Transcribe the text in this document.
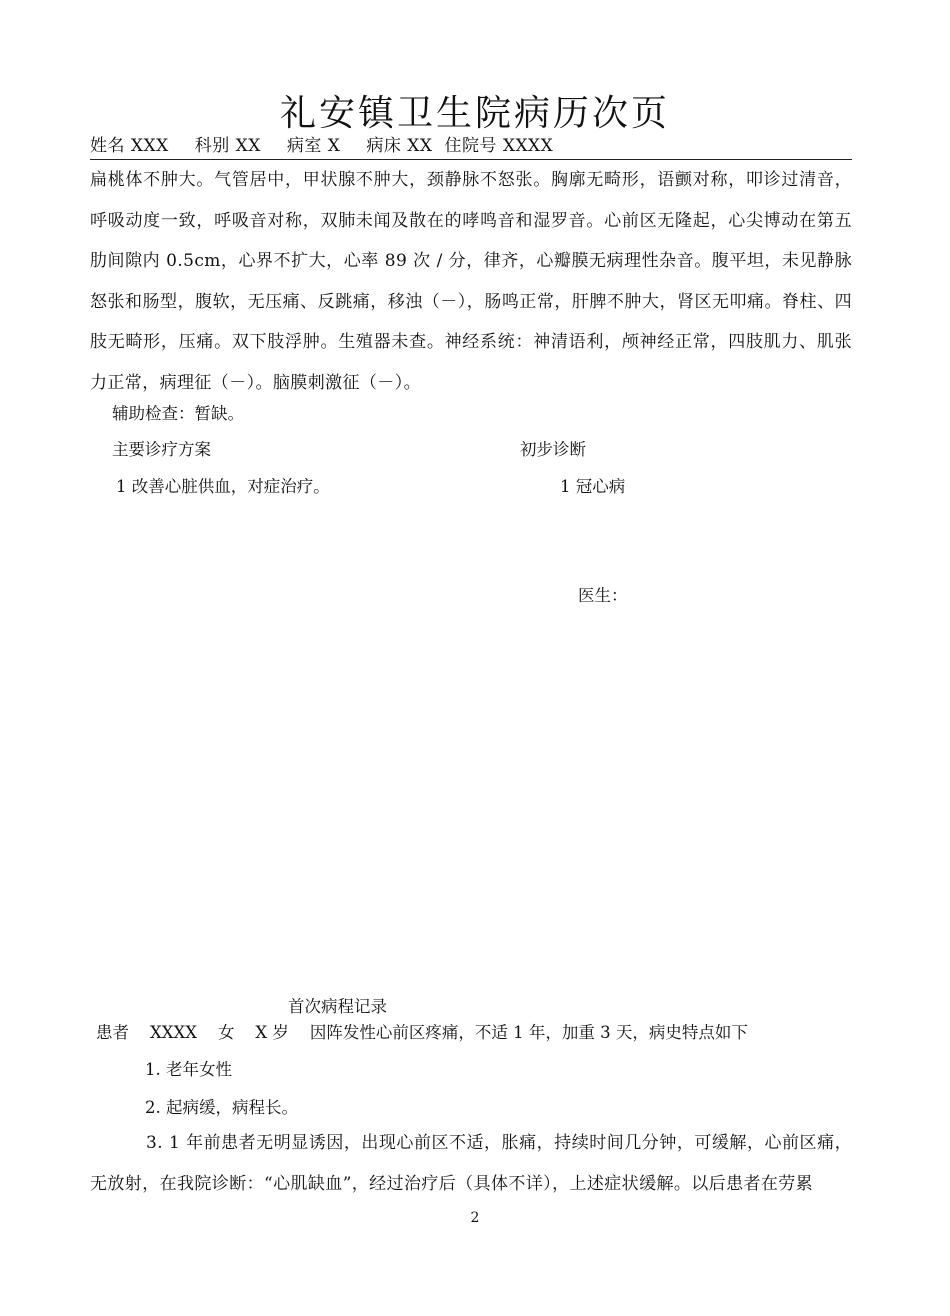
礼安镇卫生院病历次页
姓名 XXX 科别 XX 病室 X 病床 XX 住院号 XXXX
扁桃体不肿大。气管居中，甲状腺不肿大，颈静脉不怒张。胸廓无畸形，语颤对称，叩诊过清音，呼吸动度一致，呼吸音对称，双肺未闻及散在的哮鸣音和湿罗音。心前区无隆起，心尖博动在第五肋间隙内 0.5cm，心界不扩大，心率 89 次 / 分，律齐，心瓣膜无病理性杂音。腹平坦，未见静脉怒张和肠型，腹软，无压痛、反跳痛，移浊（－），肠鸣正常，肝脾不肿大，肾区无叩痛。脊柱、四肢无畸形，压痛。双下肢浮肿。生殖器未查。神经系统：神清语利，颅神经正常，四肢肌力、肌张力正常，病理征（－）。脑膜刺激征（－）。
辅助检查：暂缺。
主要诊疗方案	初步诊断
1 改善心脏供血，对症治疗。	1 冠心病
医生：
首次病程记录
患者    XXXX    女    X 岁    因阵发性心前区疼痛，不适 1 年，加重 3 天，病史特点如下
1. 老年女性
2. 起病缓，病程长。
3. 1 年前患者无明显诱因，出现心前区不适，胀痛，持续时间几分钟，可缓解，心前区痛，无放射，在我院诊断：“心肌缺血”，经过治疗后（具体不详），上述症状缓解。以后患者在劳累
2
